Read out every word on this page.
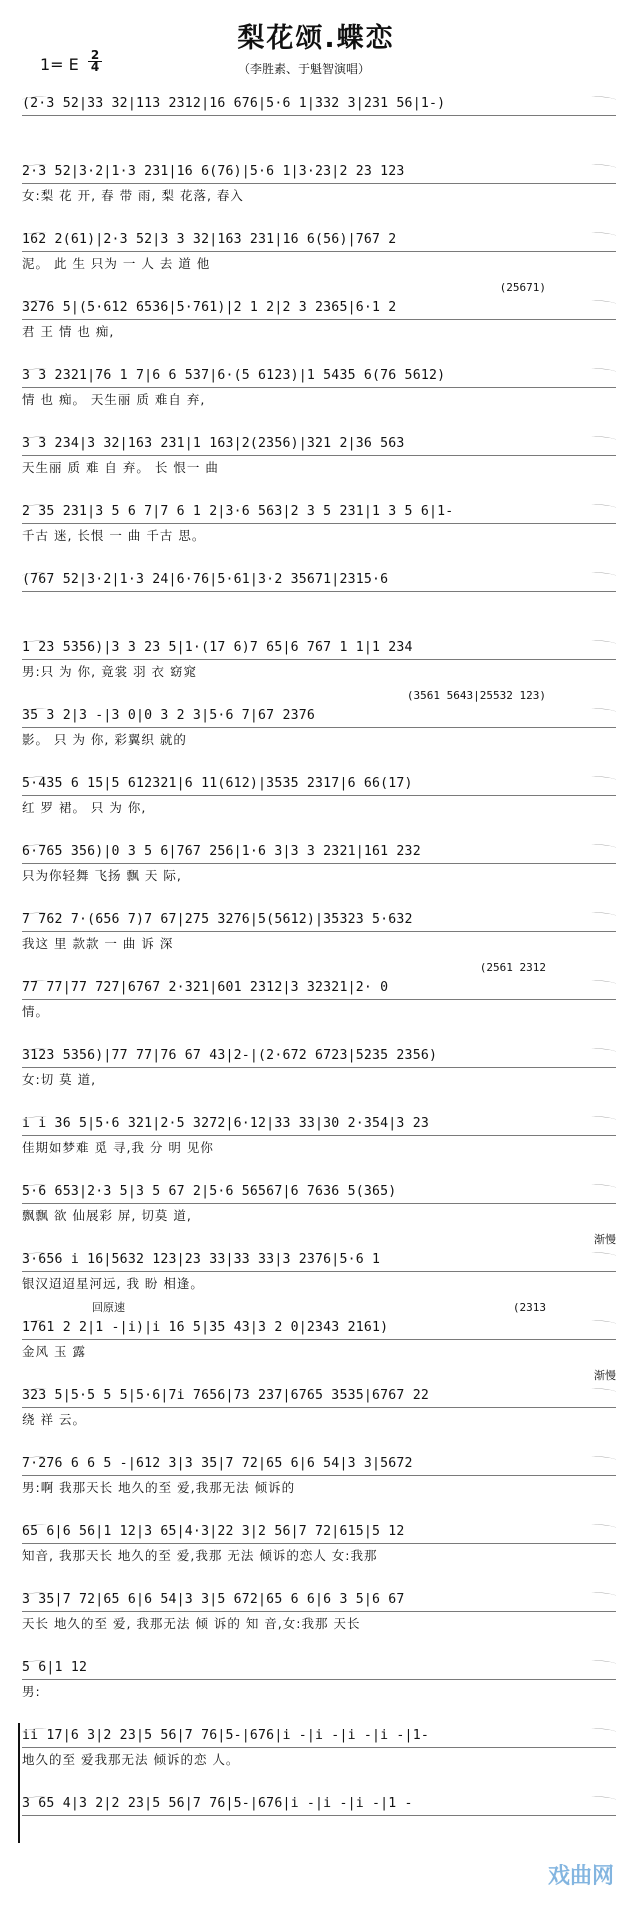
梨花颂.蝶恋
1= E 2
4	（李胜素、于魁智演唱）
(2·3 52|33 32|113 2312|16 676|5·6 1|332 3|231 56|1-)
2·3 52|3·2|1·3 231|16 6(76)|5·6 1|3·23|2 23 123
女:梨 花 开, 春 带 雨, 梨 花落, 春入
162 2(61)|2·3 52|3 3 32|163 231|16 6(56)|767 2
泥。 此 生 只为 一 人 去 道 他
3276 5|(5·612 6536|5·761)|2 1 2|2 3 2365|6·1 2
(25671)
君 王 情 也 痴,
3 3 2321|76 1 7|6 6 537|6·(5 6123)|1 5435 6(76 5612)
情 也 痴。 天生丽 质 难自 弃,
3 3 234|3 32|163 231|1 163|2(2356)|321 2|36 563
天生丽 质 难 自 弃。 长 恨一 曲
2 35 231|3 5 6 7|7 6 1 2|3·6 563|2 3 5 231|1 3 5 6|1-
千古 迷, 长恨 一 曲 千古 思。
(767 52|3·2|1·3 24|6·76|5·61|3·2 35671|2315·6
1 23 5356)|3 3 23 5|1·(17 6)7 65|6 767 1 1|1 234
男:只 为 你, 竟裳 羽 衣 窈窕
35 3 2|3 -|3 0|0 3 2 3|5·6 7|67 2376
(3561 5643|25532 123)
影。 只 为 你, 彩翼织 就的
5·435 6 15|5 612321|6 11(612)|3535 2317|6 66(17)
红 罗 裙。 只 为 你,
6·765 356)|0 3 5 6|767 256|1·6 3|3 3 2321|161 232
只为你轻舞 飞扬 飘 天 际,
7 762 7·(656 7)7 67|275 3276|5(5612)|35323 5·632
我这 里 款款 一 曲 诉 深
77 77|77 727|6767 2·321|601 2312|3 32321|2· 0
(2561 2312
情。
3123 5356)|77 77|76 67 43|2-|(2·672 6723|5235 2356)
女:切 莫 道,
i i 36 5|5·6 321|2·5 3272|6·12|33 33|30 2·354|3 23
佳期如梦难 觅 寻,我 分 明 见你
5·6 653|2·3 5|3 5 67 2|5·6 56567|6 7636 5(365)
飘飘 欲 仙展彩 屏, 切莫 道,
3·656 i 16|5632 123|23 33|33 33|3 2376|5·6 1
渐慢
银汉迢迢星河远, 我 盼 相逢。
1761 2 2|1 -|i)|i 16 5|35 43|3 2 0|2343 2161)
(2313
回原速
金风 玉 露
323 5|5·5 5 5|5·6|7i 7656|73 237|6765 3535|6767 22
渐慢
绕 祥 云。
7·276 6 6 5 -|612 3|3 35|7 72|65 6|6 54|3 3|5672
男:啊 我那天长 地久的至 爱,我那无法 倾诉的
65 6|6 56|1 12|3 65|4·3|22 3|2 56|7 72|615|5 12
知音, 我那天长 地久的至 爱,我那 无法 倾诉的恋人 女:我那
3 35|7 72|65 6|6 54|3 3|5 672|65 6 6|6 3 5|6 67
天长 地久的至 爱, 我那无法 倾 诉的 知 音,女:我那 天长
5 6|1 12
男:
ii 17|6 3|2 23|5 56|7 76|5-|676|i -|i -|i -|i -|1-
地久的至 爱我那无法 倾诉的恋 人。
3 65 4|3 2|2 23|5 56|7 76|5-|676|i -|i -|i -|1 -
戏曲网
